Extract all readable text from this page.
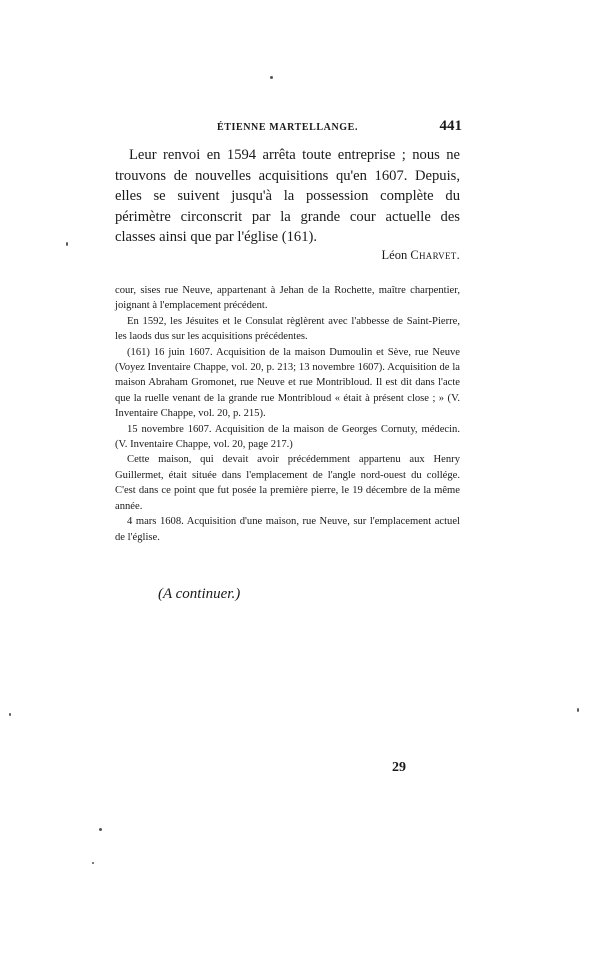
ÉTIENNE MARTELLANGE.	441

Leur renvoi en 1594 arrêta toute entreprise ; nous ne trouvons de nouvelles acquisitions qu'en 1607. Depuis, elles se suivent jusqu'à la possession complète du périmètre circonscrit par la grande cour actuelle des classes ainsi que par l'église (161).

Léon Charvet.

cour, sises rue Neuve, appartenant à Jehan de la Rochette, maître charpentier, joignant à l'emplacement précédent.

En 1592, les Jésuites et le Consulat règlèrent avec l'abbesse de Saint-Pierre, les laods dus sur les acquisitions précédentes.

(161) 16 juin 1607. Acquisition de la maison Dumoulin et Sève, rue Neuve (Voyez Inventaire Chappe, vol. 20, p. 213; 13 novembre 1607). Acquisition de la maison Abraham Gromonet, rue Neuve et rue Montribloud. Il est dit dans l'acte que la ruelle venant de la grande rue Montribloud « était à présent close ; » (V. Inventaire Chappe, vol. 20, p. 215).

15 novembre 1607. Acquisition de la maison de Georges Cornuty, médecin. (V. Inventaire Chappe, vol. 20, page 217.)

Cette maison, qui devait avoir précédemment appartenu aux Henry Guillermet, était située dans l'emplacement de l'angle nord-ouest du collége. C'est dans ce point que fut posée la première pierre, le 19 décembre de la même année.

4 mars 1608. Acquisition d'une maison, rue Neuve, sur l'emplacement actuel de l'église.

(A continuer.)
29
